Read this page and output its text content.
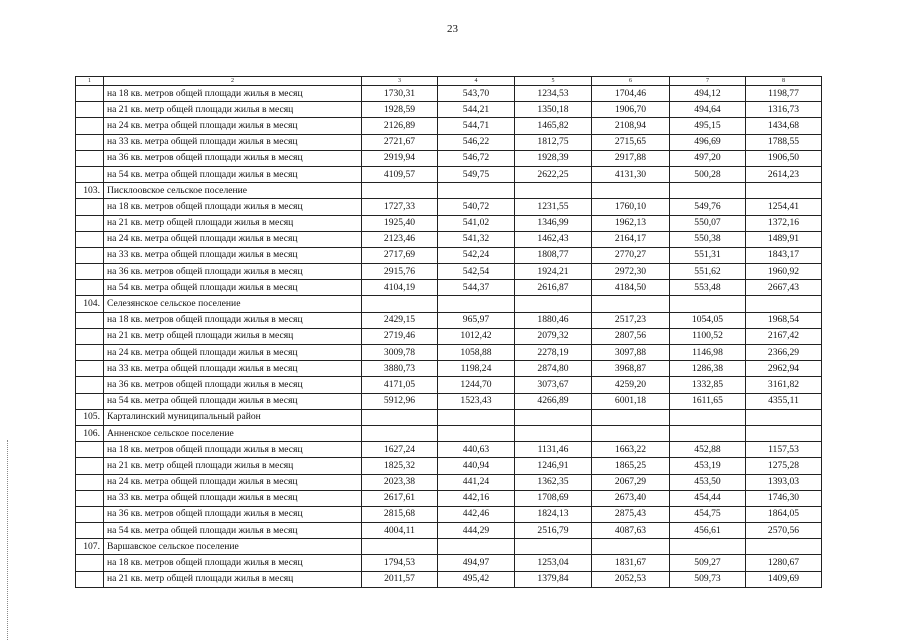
23
1	2	3	4	5	6	7	8
	на 18 кв. метров общей площади жилья в месяц	1730,31	543,70	1234,53	1704,46	494,12	1198,77
	на 21 кв. метр общей площади жилья в месяц	1928,59	544,21	1350,18	1906,70	494,64	1316,73
	на 24 кв. метра общей площади жилья в месяц	2126,89	544,71	1465,82	2108,94	495,15	1434,68
	на 33 кв. метра общей площади жилья в месяц	2721,67	546,22	1812,75	2715,65	496,69	1788,55
	на 36 кв. метров общей площади жилья в месяц	2919,94	546,72	1928,39	2917,88	497,20	1906,50
	на 54 кв. метра общей площади жилья в месяц	4109,57	549,75	2622,25	4131,30	500,28	2614,23
103.	Писклоовское сельское поселение						
	на 18 кв. метров общей площади жилья в месяц	1727,33	540,72	1231,55	1760,10	549,76	1254,41
	на 21 кв. метр общей площади жилья в месяц	1925,40	541,02	1346,99	1962,13	550,07	1372,16
	на 24 кв. метра общей площади жилья в месяц	2123,46	541,32	1462,43	2164,17	550,38	1489,91
	на 33 кв. метра общей площади жилья в месяц	2717,69	542,24	1808,77	2770,27	551,31	1843,17
	на 36 кв. метров общей площади жилья в месяц	2915,76	542,54	1924,21	2972,30	551,62	1960,92
	на 54 кв. метра общей площади жилья в месяц	4104,19	544,37	2616,87	4184,50	553,48	2667,43
104.	Селезянское сельское поселение						
	на 18 кв. метров общей площади жилья в месяц	2429,15	965,97	1880,46	2517,23	1054,05	1968,54
	на 21 кв. метр общей площади жилья в месяц	2719,46	1012,42	2079,32	2807,56	1100,52	2167,42
	на 24 кв. метра общей площади жилья в месяц	3009,78	1058,88	2278,19	3097,88	1146,98	2366,29
	на 33 кв. метра общей площади жилья в месяц	3880,73	1198,24	2874,80	3968,87	1286,38	2962,94
	на 36 кв. метров общей площади жилья в месяц	4171,05	1244,70	3073,67	4259,20	1332,85	3161,82
	на 54 кв. метра общей площади жилья в месяц	5912,96	1523,43	4266,89	6001,18	1611,65	4355,11
105.	Карталинский муниципальный район						
106.	Анненское сельское поселение						
	на 18 кв. метров общей площади жилья в месяц	1627,24	440,63	1131,46	1663,22	452,88	1157,53
	на 21 кв. метр общей площади жилья в месяц	1825,32	440,94	1246,91	1865,25	453,19	1275,28
	на 24 кв. метра общей площади жилья в месяц	2023,38	441,24	1362,35	2067,29	453,50	1393,03
	на 33 кв. метра общей площади жилья в месяц	2617,61	442,16	1708,69	2673,40	454,44	1746,30
	на 36 кв. метров общей площади жилья в месяц	2815,68	442,46	1824,13	2875,43	454,75	1864,05
	на 54 кв. метра общей площади жилья в месяц	4004,11	444,29	2516,79	4087,63	456,61	2570,56
107.	Варшавское сельское поселение						
	на 18 кв. метров общей площади жилья в месяц	1794,53	494,97	1253,04	1831,67	509,27	1280,67
	на 21 кв. метр общей площади жилья в месяц	2011,57	495,42	1379,84	2052,53	509,73	1409,69
